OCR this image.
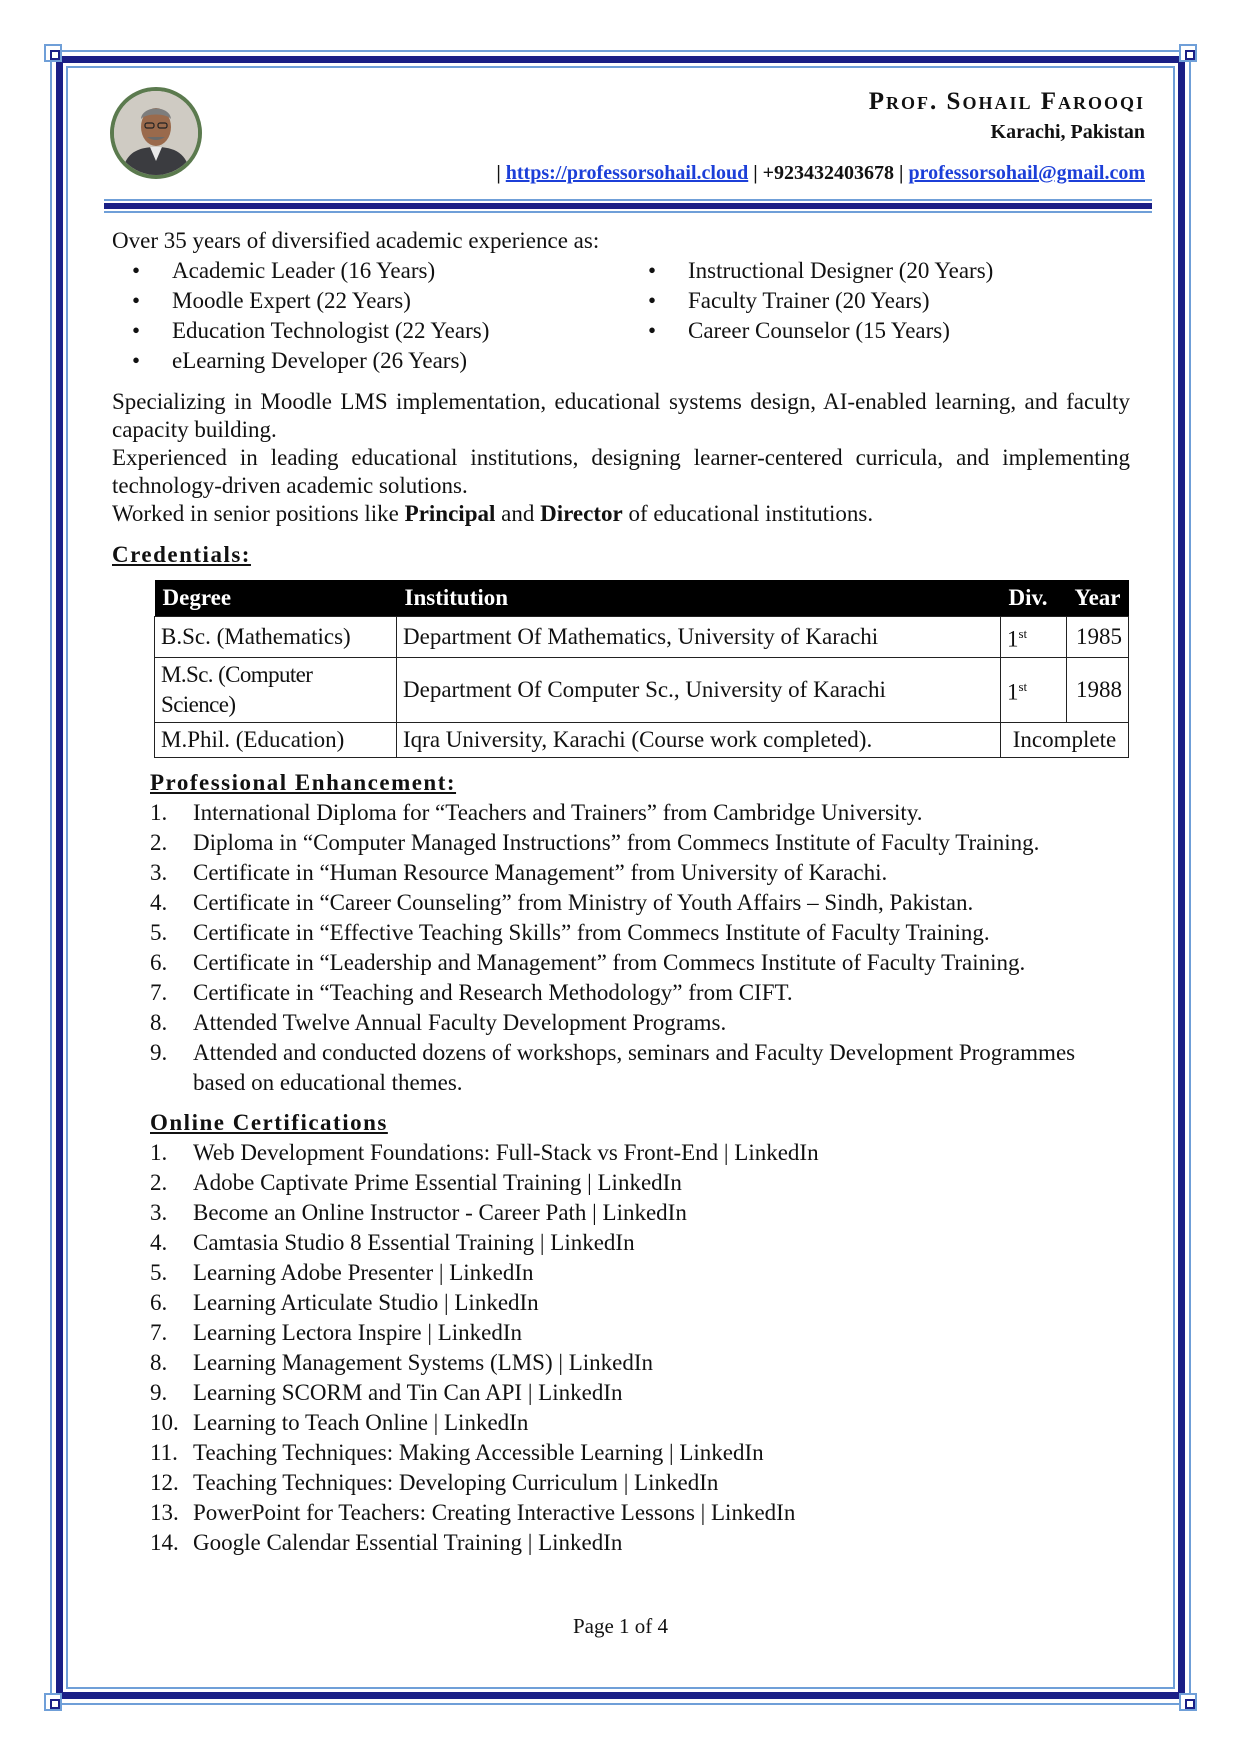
Prof. Sohail Farooqi
Karachi, Pakistan
| https://professorsohail.cloud | +923432403678 | professorsohail@gmail.com

Over 35 years of diversified academic experience as:

• Academic Leader (16 Years)	• Instructional Designer (20 Years)
• Moodle Expert (22 Years)	• Faculty Trainer (20 Years)
• Education Technologist (22 Years)	• Career Counselor (15 Years)
• eLearning Developer (26 Years)

Specializing in Moodle LMS implementation, educational systems design, AI-enabled learning, and faculty capacity building.

Experienced in leading educational institutions, designing learner-centered curricula, and implementing technology-driven academic solutions.

Worked in senior positions like Principal and Director of educational institutions.

Credentials:
Degree	Institution	Div.	Year
B.Sc. (Mathematics)	Department Of Mathematics, University of Karachi	1st	1985
M.Sc. (Computer Science)	Department Of Computer Sc., University of Karachi	1st	1988
M.Phil. (Education)	Iqra University, Karachi (Course work completed).	Incomplete	
Professional Enhancement:
1.	International Diploma for “Teachers and Trainers” from Cambridge University.
2.	Diploma in “Computer Managed Instructions” from Commecs Institute of Faculty Training.
3.	Certificate in “Human Resource Management” from University of Karachi.
4.	Certificate in “Career Counseling” from Ministry of Youth Affairs – Sindh, Pakistan.
5.	Certificate in “Effective Teaching Skills” from Commecs Institute of Faculty Training.
6.	Certificate in “Leadership and Management” from Commecs Institute of Faculty Training.
7.	Certificate in “Teaching and Research Methodology” from CIFT.
8.	Attended Twelve Annual Faculty Development Programs.
9.	Attended and conducted dozens of workshops, seminars and Faculty Development Programmes based on educational themes.
Online Certifications
1.	Web Development Foundations: Full-Stack vs Front-End | LinkedIn
2.	Adobe Captivate Prime Essential Training | LinkedIn
3.	Become an Online Instructor - Career Path | LinkedIn
4.	Camtasia Studio 8 Essential Training | LinkedIn
5.	Learning Adobe Presenter | LinkedIn
6.	Learning Articulate Studio | LinkedIn
7.	Learning Lectora Inspire | LinkedIn
8.	Learning Management Systems (LMS) | LinkedIn
9.	Learning SCORM and Tin Can API | LinkedIn
10. Learning to Teach Online | LinkedIn
11. Teaching Techniques: Making Accessible Learning | LinkedIn
12. Teaching Techniques: Developing Curriculum | LinkedIn
13. PowerPoint for Teachers: Creating Interactive Lessons | LinkedIn
14. Google Calendar Essential Training | LinkedIn
Page 1 of 4
